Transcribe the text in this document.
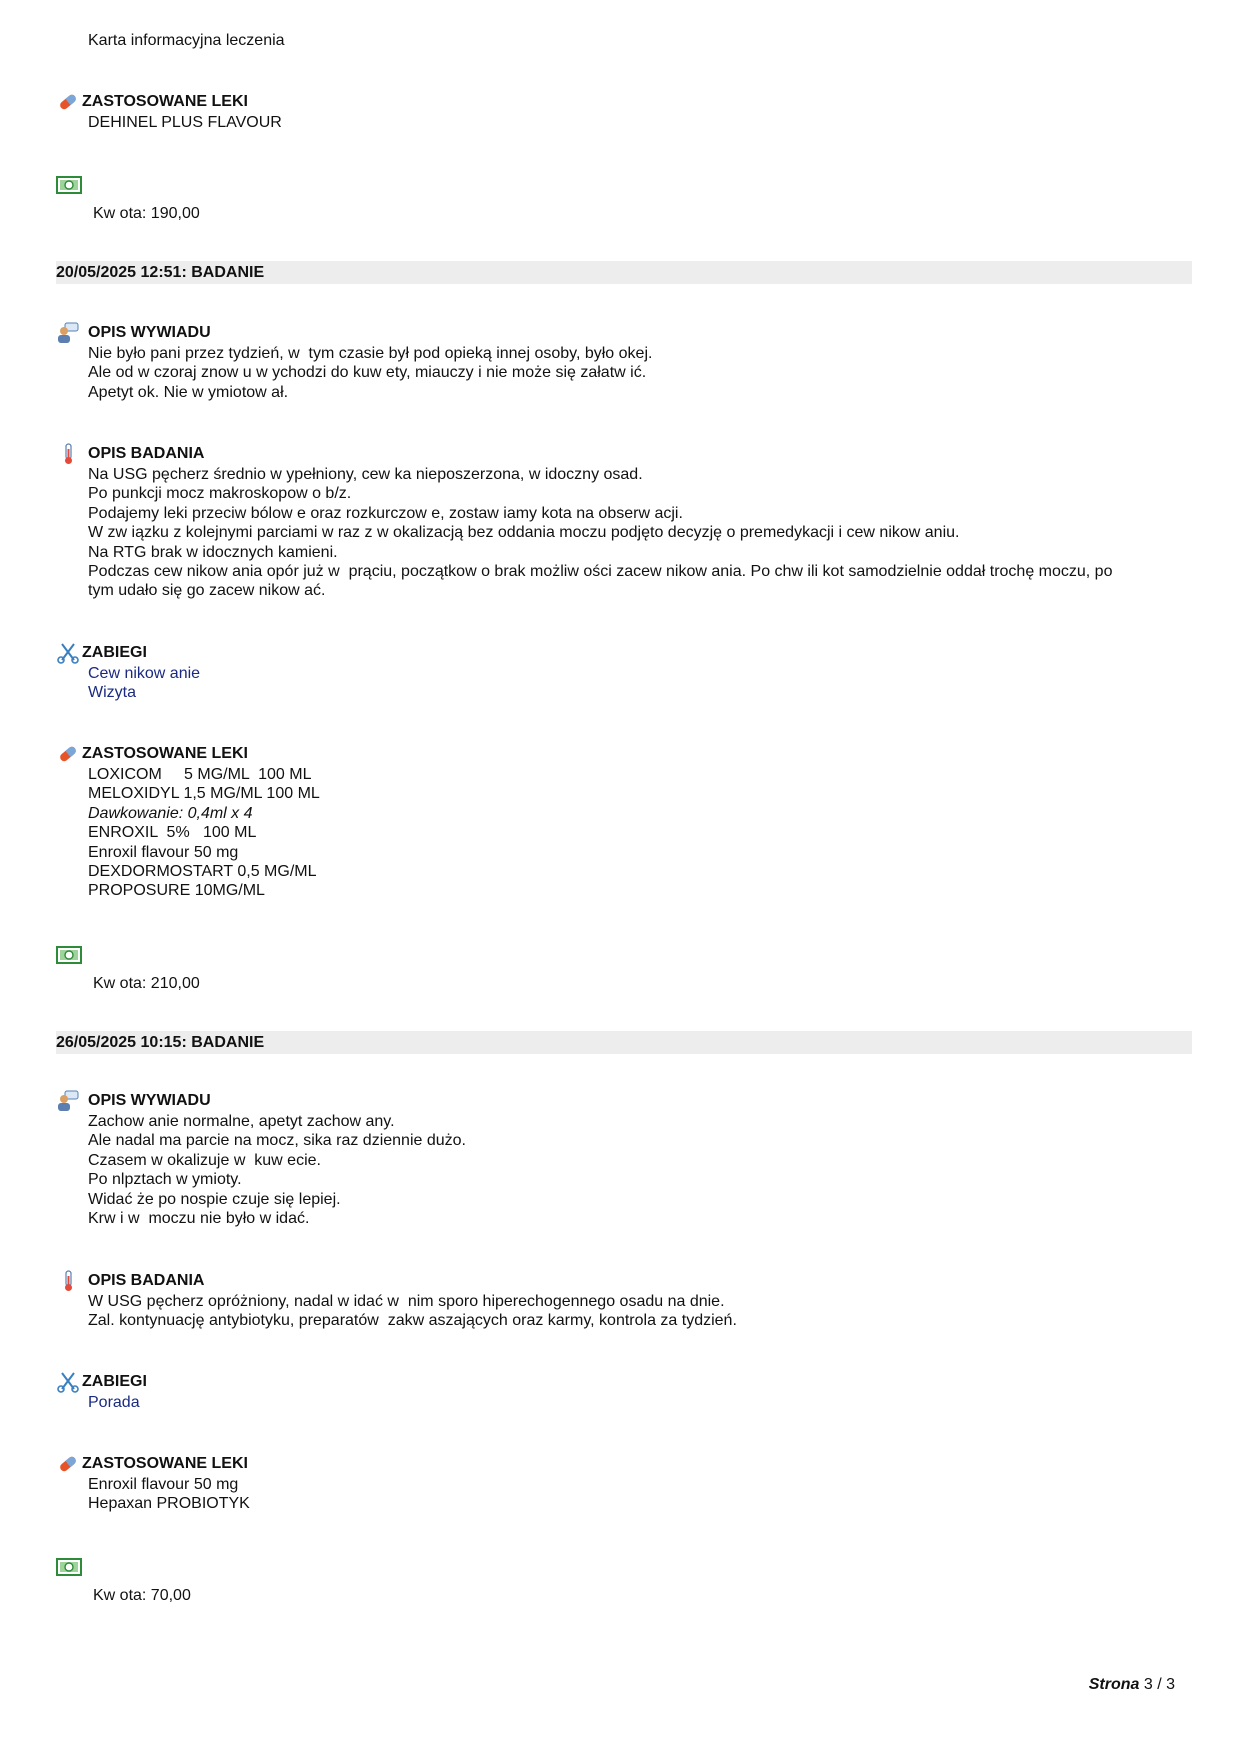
Karta informacyjna leczenia
ZASTOSOWANE LEKI
DEHINEL PLUS FLAVOUR
Kw ota: 190,00
20/05/2025 12:51: BADANIE
OPIS WYWIADU
Nie było pani przez tydzień, w  tym czasie był pod opieką innej osoby, było okej.
Ale od w czoraj znow u w ychodzi do kuw ety, miauczy i nie może się załatw ić.
Apetyt ok. Nie w ymiotow ał.
OPIS BADANIA
Na USG pęcherz średnio w ypełniony, cew ka nieposzerzona, w idoczny osad.
Po punkcji mocz makroskopow o b/z.
Podajemy leki przeciw bólow e oraz rozkurczow e, zostaw iamy kota na obserw acji.
W zw iązku z kolejnymi parciami w raz z w okalizacją bez oddania moczu podjęto decyzję o premedykacji i cew nikow aniu.
Na RTG brak w idocznych kamieni.
Podczas cew nikow ania opór już w  prąciu, początkow o brak możliw ości zacew nikow ania. Po chw ili kot samodzielnie oddał trochę moczu, po
tym udało się go zacew nikow ać.
ZABIEGI
Cew nikow anie
Wizyta
ZASTOSOWANE LEKI
LOXICOM     5 MG/ML  100 ML
MELOXIDYL 1,5 MG/ML 100 ML
Dawkowanie: 0,4ml x 4
ENROXIL  5%   100 ML
Enroxil flavour 50 mg
DEXDORMOSTART 0,5 MG/ML
PROPOSURE 10MG/ML
Kw ota: 210,00
26/05/2025 10:15: BADANIE
OPIS WYWIADU
Zachow anie normalne, apetyt zachow any.
Ale nadal ma parcie na mocz, sika raz dziennie dużo.
Czasem w okalizuje w  kuw ecie.
Po nlpztach w ymioty.
Widać że po nospie czuje się lepiej.
Krw i w  moczu nie było w idać.
OPIS BADANIA
W USG pęcherz opróżniony, nadal w idać w  nim sporo hiperechogennego osadu na dnie.
Zal. kontynuację antybiotyku, preparatów  zakw aszających oraz karmy, kontrola za tydzień.
ZABIEGI
Porada
ZASTOSOWANE LEKI
Enroxil flavour 50 mg
Hepaxan PROBIOTYK
Kw ota: 70,00
Strona 3 / 3
